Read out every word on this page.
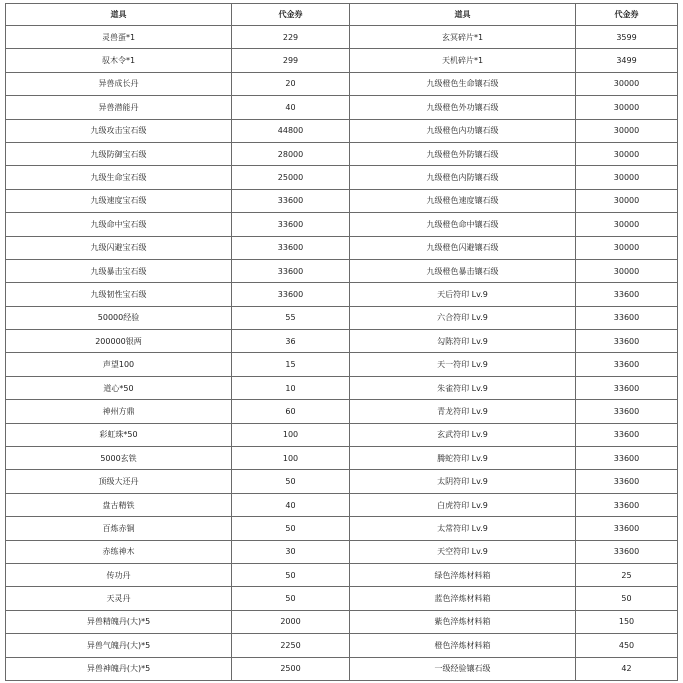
道具	代金券	道具	代金券
灵兽蛋*1	229	玄冥碎片*1	3599
驭木令*1	299	天机碎片*1	3499
异兽成长丹	20	九级橙色生命镶石级	30000
异兽潜能丹	40	九级橙色外功镶石级	30000
九级攻击宝石级	44800	九级橙色内功镶石级	30000
九级防御宝石级	28000	九级橙色外防镶石级	30000
九级生命宝石级	25000	九级橙色内防镶石级	30000
九级速度宝石级	33600	九级橙色速度镶石级	30000
九级命中宝石级	33600	九级橙色命中镶石级	30000
九级闪避宝石级	33600	九级橙色闪避镶石级	30000
九级暴击宝石级	33600	九级橙色暴击镶石级	30000
九级韧性宝石级	33600	天后符印 Lv.9	33600
50000经验	55	六合符印 Lv.9	33600
200000银两	36	勾陈符印 Lv.9	33600
声望100	15	天一符印 Lv.9	33600
道心*50	10	朱雀符印 Lv.9	33600
神州方鼎	60	青龙符印 Lv.9	33600
彩虹珠*50	100	玄武符印 Lv.9	33600
5000玄铁	100	腾蛇符印 Lv.9	33600
顶级大还丹	50	太阴符印 Lv.9	33600
盘古精铁	40	白虎符印 Lv.9	33600
百炼赤铜	50	太常符印 Lv.9	33600
赤练神木	30	天空符印 Lv.9	33600
传功丹	50	绿色淬炼材料箱	25
天灵丹	50	蓝色淬炼材料箱	50
异兽精魄丹(大)*5	2000	紫色淬炼材料箱	150
异兽气魄丹(大)*5	2250	橙色淬炼材料箱	450
异兽神魄丹(大)*5	2500	一级经验镶石级	42
